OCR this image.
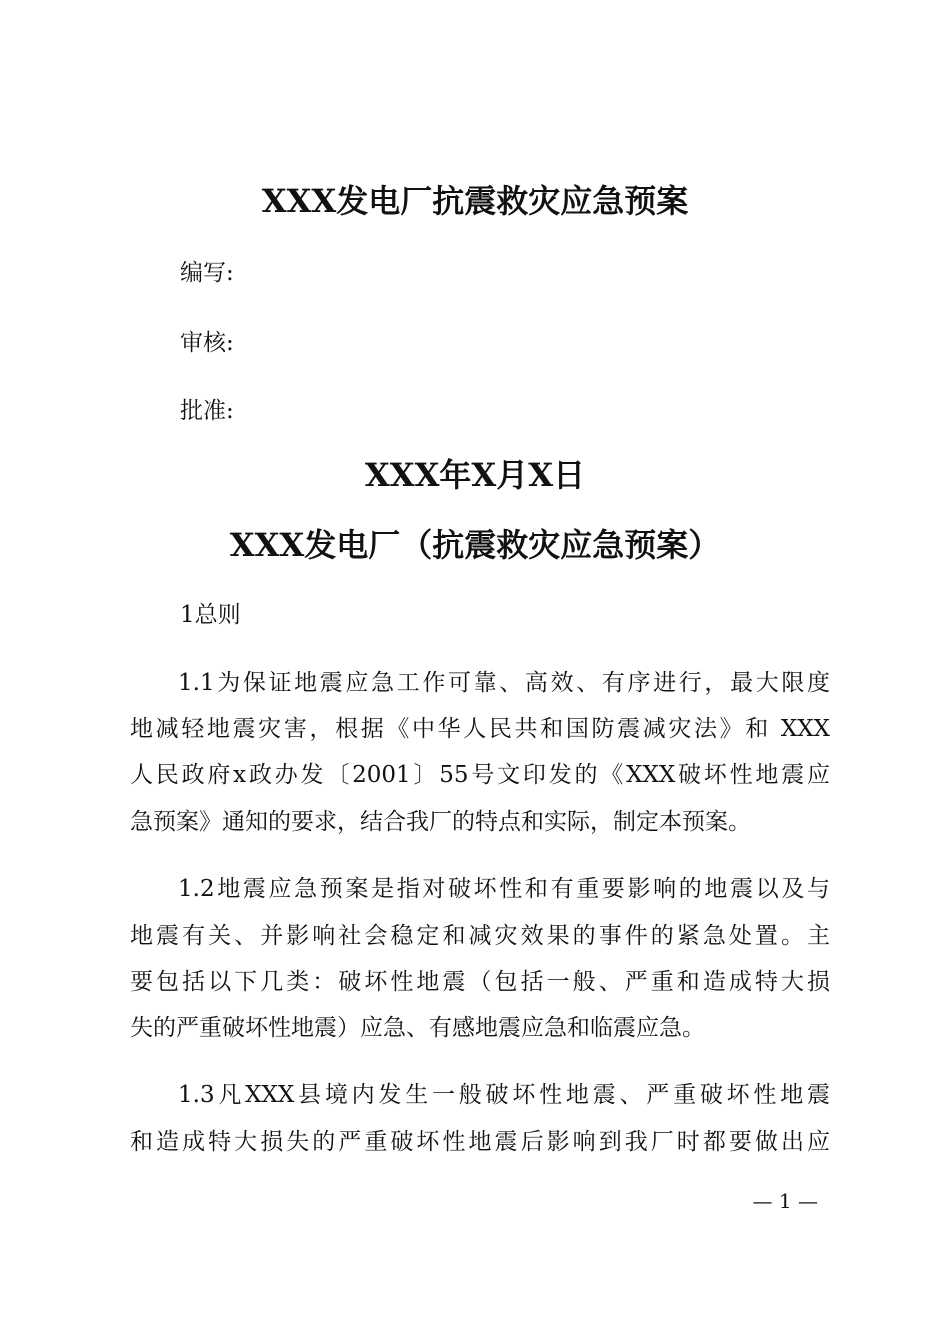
XXX发电厂抗震救灾应急预案
编写:
审核:
批准:
XXX年X月X日
XXX发电厂（抗震救灾应急预案）
1总则
1.1为保证地震应急工作可靠、高效、有序进行，最大限度
地减轻地震灾害，根据《中华人民共和国防震减灾法》和 XXX
人民政府x政办发〔2001〕55号文印发的《XXX破坏性地震应
急预案》通知的要求，结合我厂的特点和实际，制定本预案。
1.2地震应急预案是指对破坏性和有重要影响的地震以及与
地震有关、并影响社会稳定和减灾效果的事件的紧急处置。主
要包括以下几类：破坏性地震（包括一般、严重和造成特大损
失的严重破坏性地震）应急、有感地震应急和临震应急。
1.3凡XXX县境内发生一般破坏性地震、严重破坏性地震
和造成特大损失的严重破坏性地震后影响到我厂时都要做出应
— 1 —
